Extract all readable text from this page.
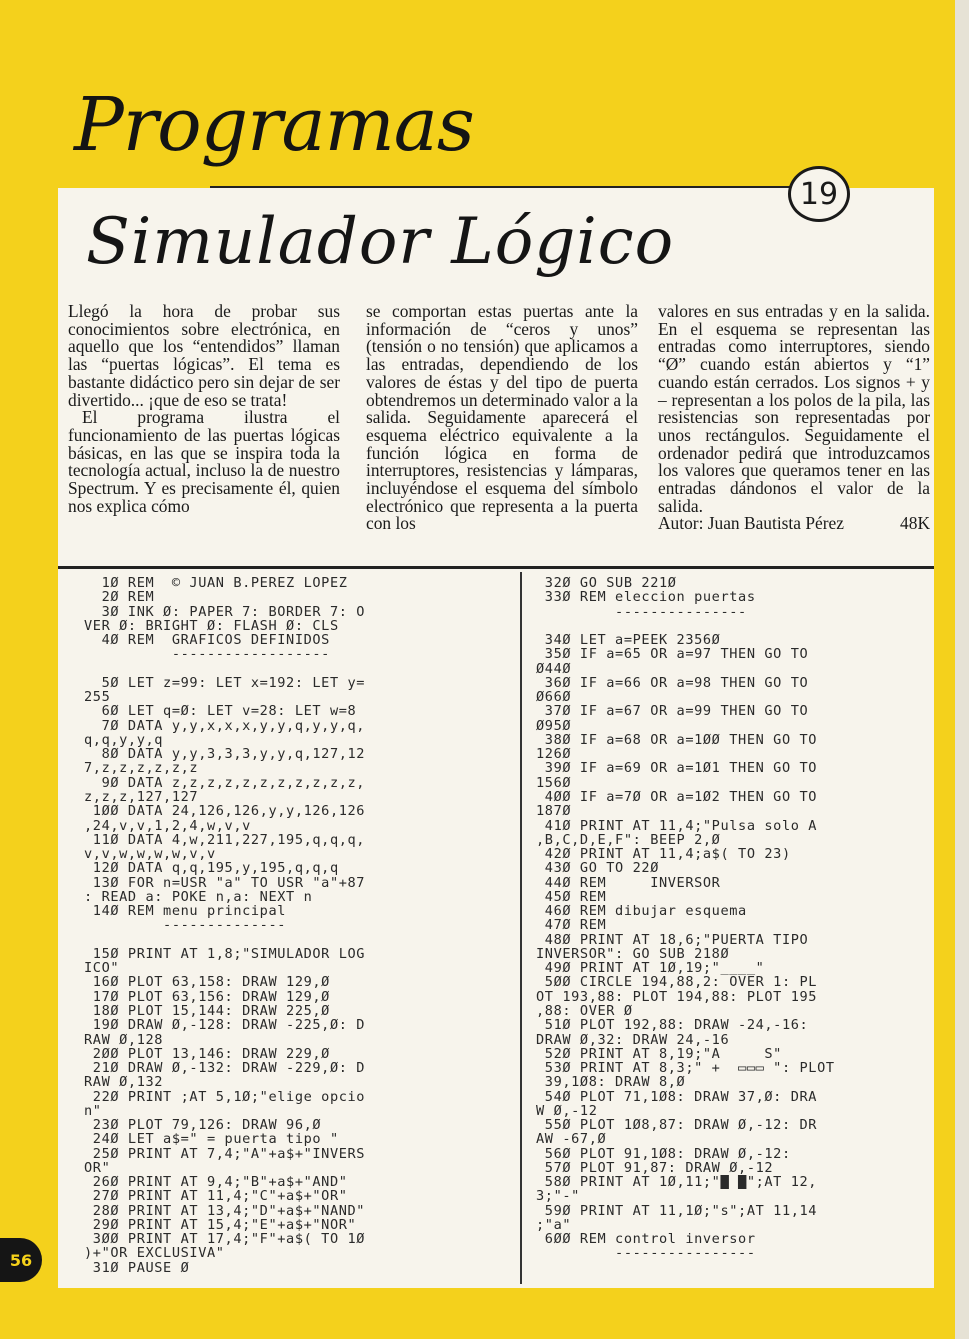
Programas
19
Simulador Lógico

Llegó la hora de probar sus conocimientos sobre electrónica, en aquello que los “entendidos” llaman las “puertas lógicas”. El tema es bastante didáctico pero sin dejar de ser divertido... ¡que de eso se trata!

El programa ilustra el funcionamiento de las puertas lógicas básicas, en las que se inspira toda la tecnología actual, incluso la de nuestro Spectrum. Y es precisamente él, quien nos explica cómo

se comportan estas puertas ante la información de “ceros y unos” (tensión o no tensión) que aplicamos a las entradas, dependiendo de los valores de éstas y del tipo de puerta obtendremos un determinado valor a la salida. Seguidamente aparecerá el esquema eléctrico equivalente a la función lógica en forma de interruptores, resistencias y lámparas, incluyéndose el esquema del símbolo electrónico que representa a la puerta con los

valores en sus entradas y en la salida. En el esquema se representan las entradas como interruptores, siendo “Ø” cuando están abiertos y “1” cuando están cerrados. Los signos + y – representan a los polos de la pila, las resistencias son representadas por unos rectángulos. Seguidamente el ordenador pedirá que introduzcamos los valores que queramos tener en las entradas dándonos el valor de la salida.

Autor: Juan Bautista Pérez	48K
1Ø REM  © JUAN B.PEREZ LOPEZ
2Ø REM
3Ø INK Ø: PAPER 7: BORDER 7: O
VER Ø: BRIGHT Ø: FLASH Ø: CLS
4Ø REM  GRAFICOS DEFINIDOS
------------------
5Ø LET z=99: LET x=192: LET y=
255
6Ø LET q=Ø: LET v=28: LET w=8
7Ø DATA y,y,x,x,x,y,y,q,y,y,q,
q,q,y,y,q
8Ø DATA y,y,3,3,3,y,y,q,127,12
7,z,z,z,z,z,z
9Ø DATA z,z,z,z,z,z,z,z,z,z,z,
z,z,z,127,127
1ØØ DATA 24,126,126,y,y,126,126
,24,v,v,1,2,4,w,v,v
11Ø DATA 4,w,211,227,195,q,q,q,
v,v,w,w,w,w,v,v
12Ø DATA q,q,195,y,195,q,q,q
13Ø FOR n=USR "a" TO USR "a"+87
: READ a: POKE n,a: NEXT n
14Ø REM menu principal
--------------
15Ø PRINT AT 1,8;"SIMULADOR LOG
ICO"
16Ø PLOT 63,158: DRAW 129,Ø
17Ø PLOT 63,156: DRAW 129,Ø
18Ø PLOT 15,144: DRAW 225,Ø
19Ø DRAW Ø,-128: DRAW -225,Ø: D
RAW Ø,128
2ØØ PLOT 13,146: DRAW 229,Ø
21Ø DRAW Ø,-132: DRAW -229,Ø: D
RAW Ø,132
22Ø PRINT ;AT 5,1Ø;"elige opcio
n"
23Ø PLOT 79,126: DRAW 96,Ø
24Ø LET a$=" = puerta tipo "
25Ø PRINT AT 7,4;"A"+a$+"INVERS
OR"
26Ø PRINT AT 9,4;"B"+a$+"AND"
27Ø PRINT AT 11,4;"C"+a$+"OR"
28Ø PRINT AT 13,4;"D"+a$+"NAND"
29Ø PRINT AT 15,4;"E"+a$+"NOR"
3ØØ PRINT AT 17,4;"F"+a$( TO 1Ø
)+"OR EXCLUSIVA"
31Ø PAUSE Ø
32Ø GO SUB 221Ø
33Ø REM eleccion puertas
---------------
34Ø LET a=PEEK 2356Ø
35Ø IF a=65 OR a=97 THEN GO TO
Ø44Ø
36Ø IF a=66 OR a=98 THEN GO TO
Ø66Ø
37Ø IF a=67 OR a=99 THEN GO TO
Ø95Ø
38Ø IF a=68 OR a=1ØØ THEN GO TO
126Ø
39Ø IF a=69 OR a=1Ø1 THEN GO TO
156Ø
4ØØ IF a=7Ø OR a=1Ø2 THEN GO TO
187Ø
41Ø PRINT AT 11,4;"Pulsa solo A
,B,C,D,E,F": BEEP 2,Ø
42Ø PRINT AT 11,4;a$( TO 23)
43Ø GO TO 22Ø
44Ø REM     INVERSOR
45Ø REM
46Ø REM dibujar esquema
47Ø REM
48Ø PRINT AT 18,6;"PUERTA TIPO
INVERSOR": GO SUB 218Ø
49Ø PRINT AT 1Ø,19;"____"
5ØØ CIRCLE 194,88,2: OVER 1: PL
OT 193,88: PLOT 194,88: PLOT 195
,88: OVER Ø
51Ø PLOT 192,88: DRAW -24,-16:
DRAW Ø,32: DRAW 24,-16
52Ø PRINT AT 8,19;"A     S"
53Ø PRINT AT 8,3;" +  ▭▭▭ ": PLOT
39,1Ø8: DRAW 8,Ø
54Ø PLOT 71,1Ø8: DRAW 37,Ø: DRA
W Ø,-12
55Ø PLOT 1Ø8,87: DRAW Ø,-12: DR
AW -67,Ø
56Ø PLOT 91,1Ø8: DRAW Ø,-12:
57Ø PLOT 91,87: DRAW Ø,-12
58Ø PRINT AT 1Ø,11;"█ █";AT 12,
3;"-"
59Ø PRINT AT 11,1Ø;"s";AT 11,14
;"a"
6ØØ REM control inversor
----------------
56
